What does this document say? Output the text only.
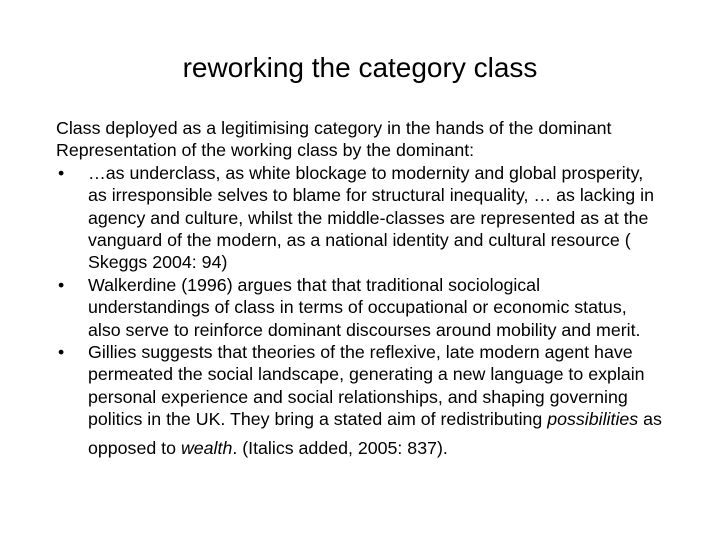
reworking the category class

Class deployed as a legitimising category in the hands of the dominant

Representation of the working class by the dominant:

•	…as underclass, as white blockage to modernity and global prosperity, as irresponsible selves to blame for structural inequality, … as lacking in agency and culture, whilst the middle-classes are represented as at the vanguard of the modern, as a national identity and cultural resource ( Skeggs 2004: 94)

•	Walkerdine (1996) argues that that traditional sociological understandings of class in terms of occupational or economic status, also serve to reinforce dominant discourses around mobility and merit.

•	Gillies suggests that theories of the reflexive, late modern agent have permeated the social landscape, generating a new language to explain personal experience and social relationships, and shaping governing politics in the UK. They bring a stated aim of redistributing possibilities as opposed to wealth. (Italics added, 2005: 837).
